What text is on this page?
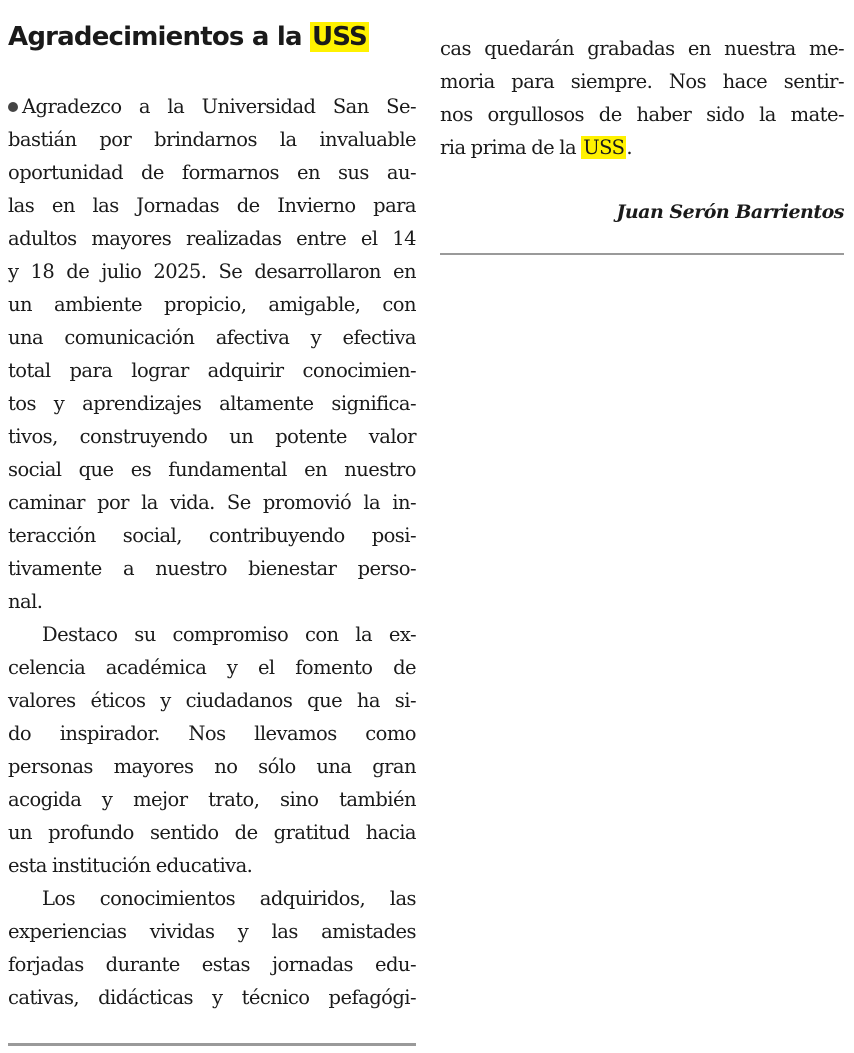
Agradecimientos a la USS
Agradezco a la Universidad San Se-
bastián por brindarnos la invaluable
oportunidad de formarnos en sus au-
las en las Jornadas de Invierno para
adultos mayores realizadas entre el 14
y 18 de julio 2025. Se desarrollaron en
un ambiente propicio, amigable, con
una comunicación afectiva y efectiva
total para lograr adquirir conocimien-
tos y aprendizajes altamente significa-
tivos, construyendo un potente valor
social que es fundamental en nuestro
caminar por la vida. Se promovió la in-
teracción social, contribuyendo posi-
tivamente a nuestro bienestar perso-
nal.
Destaco su compromiso con la ex-
celencia académica y el fomento de
valores éticos y ciudadanos que ha si-
do inspirador. Nos llevamos como
personas mayores no sólo una gran
acogida y mejor trato, sino también
un profundo sentido de gratitud hacia
esta institución educativa.
Los conocimientos adquiridos, las
experiencias vividas y las amistades
forjadas durante estas jornadas edu-
cativas, didácticas y técnico pefagógi-
cas quedarán grabadas en nuestra me-
moria para siempre. Nos hace sentir-
nos orgullosos de haber sido la mate-
ria prima de la USS .
Juan Serón Barrientos
